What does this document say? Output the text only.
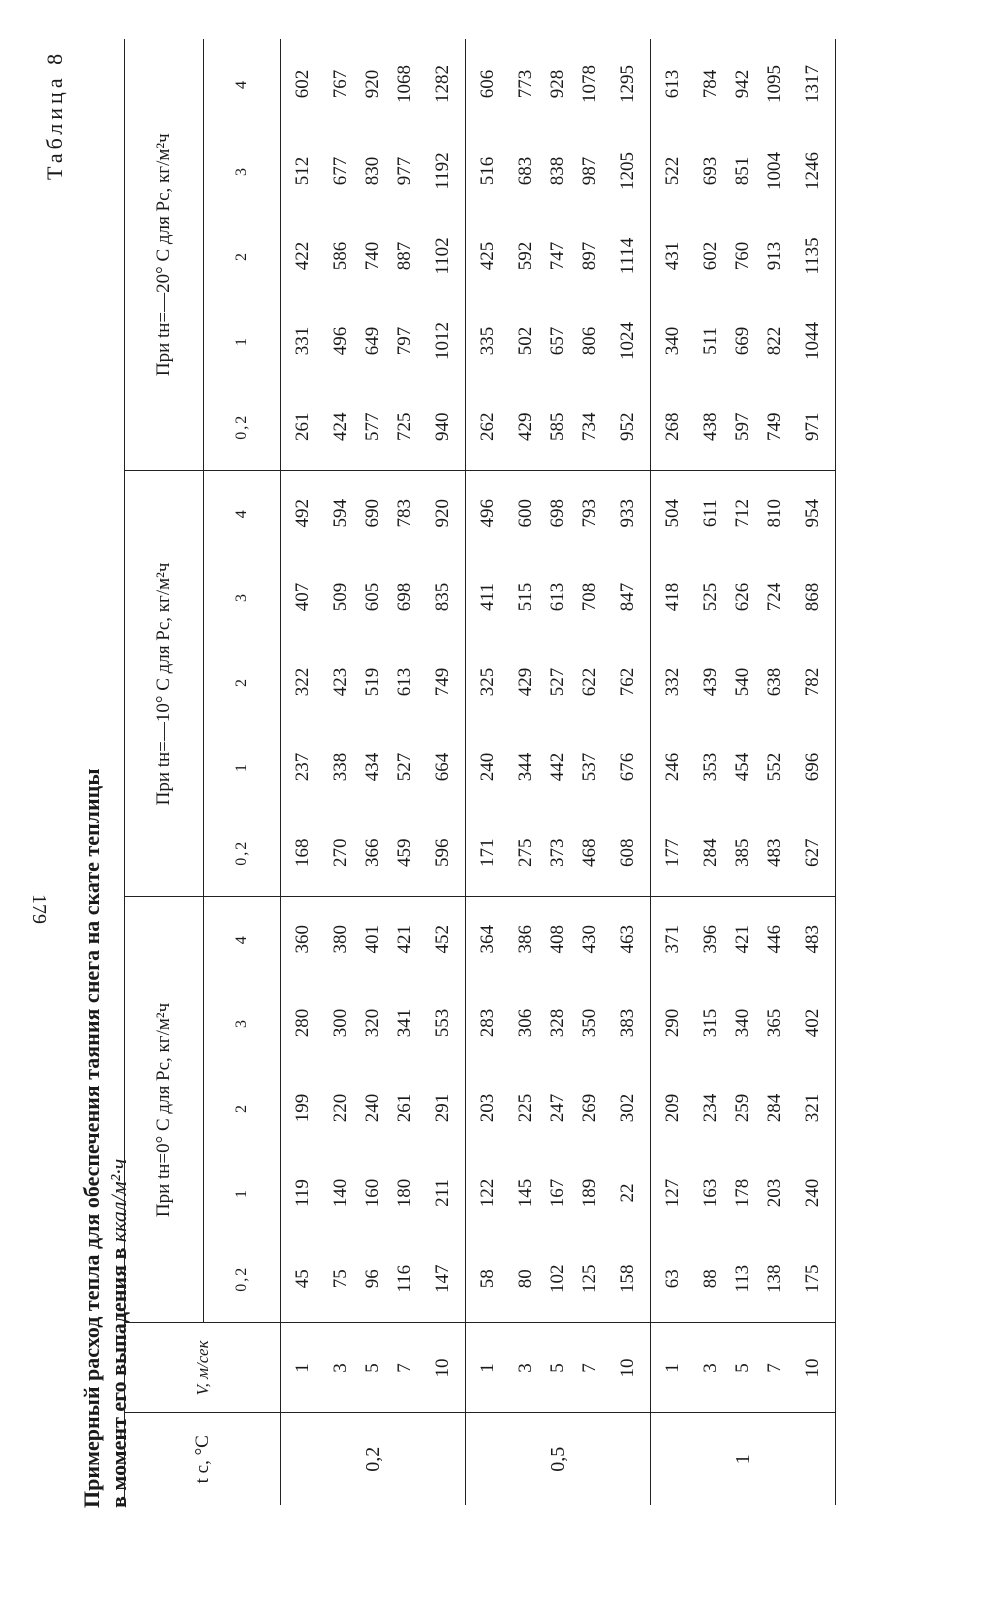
Таблица 8
Примерный расход тепла для обеспечения таяния снега на скате теплицы в момент его выпадения в ккал/м²·ч
t c, °C	V, м/сек	При tн=0° С для Pc, кг/м²ч					При tн=—10° С для Pc, кг/м²ч					При tн=—20° С для Pc, кг/м²ч				
		0,2	1	2	3	4	0,2	1	2	3	4	0,2	1	2	3	4
0,2	1	45	119	199	280	360	168	237	322	407	492	261	331	422	512	602
	3	75	140	220	300	380	270	338	423	509	594	424	496	586	677	767
	5	96	160	240	320	401	366	434	519	605	690	577	649	740	830	920
	7	116	180	261	341	421	459	527	613	698	783	725	797	887	977	1068
	10	147	211	291	553	452	596	664	749	835	920	940	1012	1102	1192	1282
0,5	1	58	122	203	283	364	171	240	325	411	496	262	335	425	516	606
	3	80	145	225	306	386	275	344	429	515	600	429	502	592	683	773
	5	102	167	247	328	408	373	442	527	613	698	585	657	747	838	928
	7	125	189	269	350	430	468	537	622	708	793	734	806	897	987	1078
	10	158	22	302	383	463	608	676	762	847	933	952	1024	1114	1205	1295
1	1	63	127	209	290	371	177	246	332	418	504	268	340	431	522	613
	3	88	163	234	315	396	284	353	439	525	611	438	511	602	693	784
	5	113	178	259	340	421	385	454	540	626	712	597	669	760	851	942
	7	138	203	284	365	446	483	552	638	724	810	749	822	913	1004	1095
	10	175	240	321	402	483	627	696	782	868	954	971	1044	1135	1246	1317
179
